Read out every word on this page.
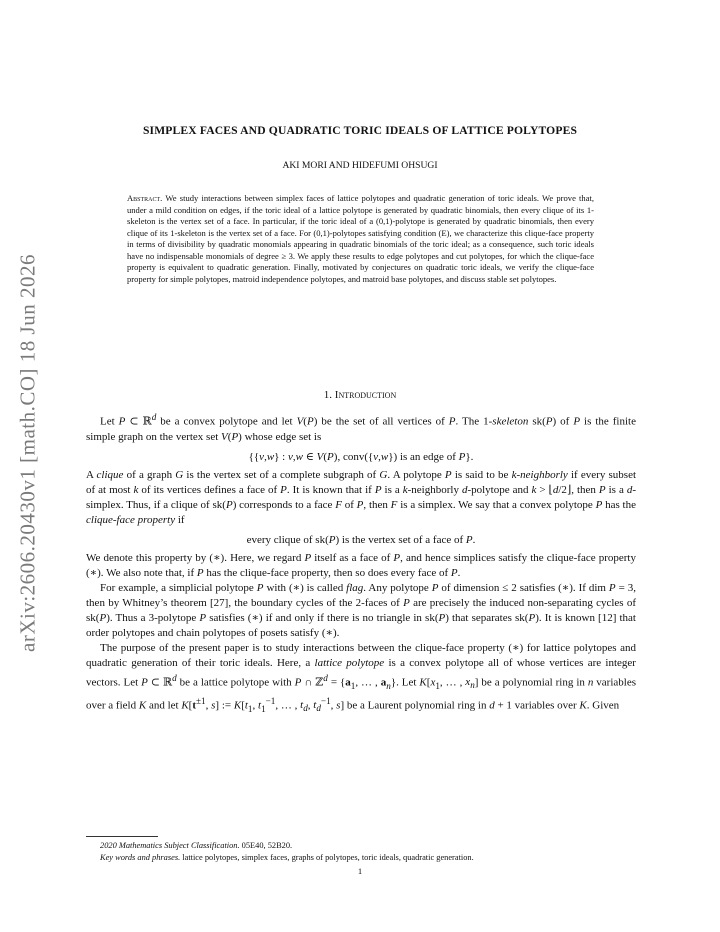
arXiv:2606.20430v1 [math.CO] 18 Jun 2026
SIMPLEX FACES AND QUADRATIC TORIC IDEALS OF LATTICE POLYTOPES
AKI MORI AND HIDEFUMI OHSUGI
Abstract. We study interactions between simplex faces of lattice polytopes and quadratic generation of toric ideals. We prove that, under a mild condition on edges, if the toric ideal of a lattice polytope is generated by quadratic binomials, then every clique of its 1-skeleton is the vertex set of a face. In particular, if the toric ideal of a (0,1)-polytope is generated by quadratic binomials, then every clique of its 1-skeleton is the vertex set of a face. For (0,1)-polytopes satisfying condition (E), we characterize this clique-face property in terms of divisibility by quadratic monomials appearing in quadratic binomials of the toric ideal; as a consequence, such toric ideals have no indispensable monomials of degree ≥ 3. We apply these results to edge polytopes and cut polytopes, for which the clique-face property is equivalent to quadratic generation. Finally, motivated by conjectures on quadratic toric ideals, we verify the clique-face property for simple polytopes, matroid independence polytopes, and matroid base polytopes, and discuss stable set polytopes.
1. Introduction

Let P ⊂ ℝ$^d$ be a convex polytope and let V(P) be the set of all vertices of P. The 1-skeleton sk(P) of P is the finite simple graph on the vertex set V(P) whose edge set is

{{v,w} : v,w ∈ V(P), conv({v,w}) is an edge of P}.

A clique of a graph G is the vertex set of a complete subgraph of G. A polytope P is said to be k-neighborly if every subset of at most k of its vertices defines a face of P. It is known that if P is a k-neighborly d-polytope and k > ⌊d/2⌋, then P is a d-simplex. Thus, if a clique of sk(P) corresponds to a face F of P, then F is a simplex. We say that a convex polytope P has the clique-face property if

every clique of sk(P) is the vertex set of a face of P.

We denote this property by (∗). Here, we regard P itself as a face of P, and hence simplices satisfy the clique-face property (∗). We also note that, if P has the clique-face property, then so does every face of P.

For example, a simplicial polytope P with (∗) is called flag. Any polytope P of dimension ≤ 2 satisfies (∗). If dim P = 3, then by Whitney’s theorem [27], the boundary cycles of the 2-faces of P are precisely the induced non-separating cycles of sk(P). Thus a 3-polytope P satisfies (∗) if and only if there is no triangle in sk(P) that separates sk(P). It is known [12] that order polytopes and chain polytopes of posets satisfy (∗).

The purpose of the present paper is to study interactions between the clique-face property (∗) for lattice polytopes and quadratic generation of their toric ideals. Here, a lattice polytope is a convex polytope all of whose vertices are integer vectors. Let P ⊂ ℝ$^d$ be a lattice polytope with P ∩ ℤ$^d$ = {$a_1$, … , $a_n$}. Let $K[x_1$, … , $x_n$] be a polynomial ring in n variables over a field K and let $K[t^{\pm 1}$, s] := $K[t_1$, $t_1^{-1}$, … , $t_d$, $t_d^{-1}$, s] be a Laurent polynomial ring in d + 1 variables over K. Given

2020 Mathematics Subject Classification. 05E40, 52B20.
Key words and phrases. lattice polytopes, simplex faces, graphs of polytopes, toric ideals, quadratic generation.
1
